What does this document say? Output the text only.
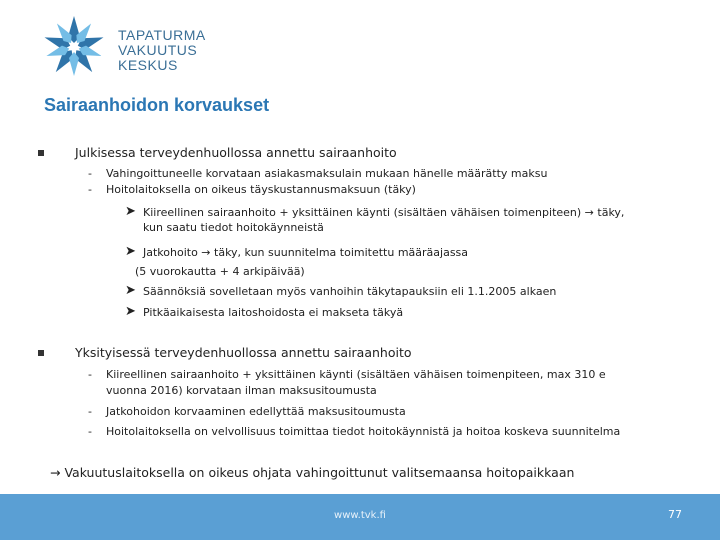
TAPATURMA
VAKUUTUS
KESKUS
Sairaanhoidon korvaukset
Julkisessa terveydenhuollossa annettu sairaanhoito
- Vahingoittuneelle korvataan asiakasmaksulain mukaan hänelle määrätty maksu
- Hoitolaitoksella on oikeus täyskustannusmaksuun (täky)
➤ Kiireellinen sairaanhoito + yksittäinen käynti (sisältäen vähäisen toimenpiteen) → täky,
kun saatu tiedot hoitokäynneistä
➤ Jatkohoito → täky, kun suunnitelma toimitettu määräajassa
(5 vuorokautta + 4 arkipäivää)
➤ Säännöksiä sovelletaan myös vanhoihin täkytapauksiin eli 1.1.2005 alkaen
➤ Pitkäaikaisesta laitoshoidosta ei makseta täkyä
Yksityisessä terveydenhuollossa annettu sairaanhoito
- Kiireellinen sairaanhoito + yksittäinen käynti (sisältäen vähäisen toimenpiteen, max 310 e
vuonna 2016) korvataan ilman maksusitoumusta
- Jatkohoidon korvaaminen edellyttää maksusitoumusta
- Hoitolaitoksella on velvollisuus toimittaa tiedot hoitokäynnistä ja hoitoa koskeva suunnitelma
→ Vakuutuslaitoksella on oikeus ohjata vahingoittunut valitsemaansa hoitopaikkaan
www.tvk.fi	77
